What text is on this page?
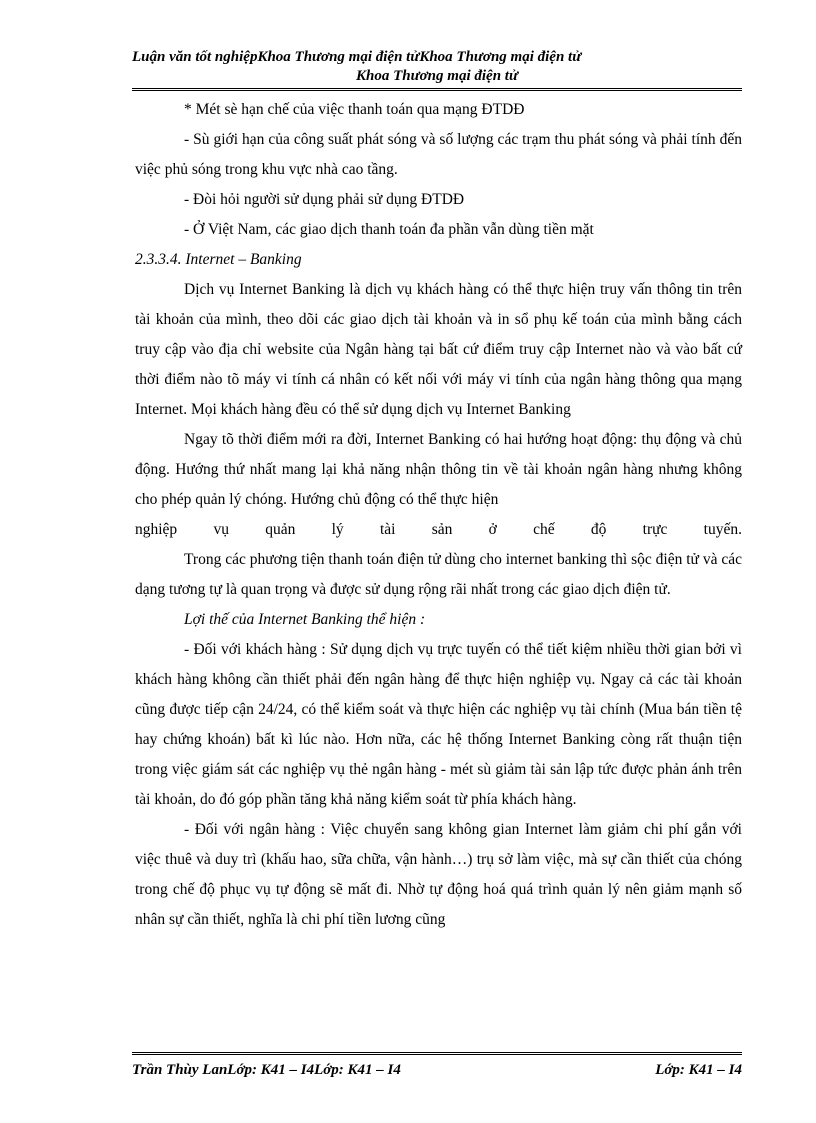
Luận văn tốt nghiệpKhoa Thương mại điện tửKhoa Thương mại điện tử
Khoa Thương mại điện tử

* Mét sè hạn chế của việc thanh toán qua mạng ĐTDĐ

- Sù giới hạn của công suất phát sóng và số lượng các trạm thu phát sóng và phải tính đến việc phủ sóng trong khu vực nhà cao tầng.

- Đòi hỏi người sử dụng phải sử dụng ĐTDĐ

- Ở Việt Nam, các giao dịch thanh toán đa phần vẫn dùng tiền mặt

2.3.3.4. Internet – Banking

Dịch vụ Internet Banking là dịch vụ khách hàng có thể thực hiện truy vấn thông tin trên tài khoản của mình, theo dõi các giao dịch tài khoản và in sổ phụ kế toán của mình bằng cách truy cập vào địa chỉ website của Ngân hàng tại bất cứ điểm truy cập Internet nào và vào bất cứ thời điểm nào tõ máy vi tính cá nhân có kết nối với máy vi tính của ngân hàng thông qua mạng Internet. Mọi khách hàng đều có thể sử dụng dịch vụ Internet Banking

Ngay tõ thời điểm mới ra đời, Internet Banking có hai hướng hoạt động: thụ động và chủ động. Hướng thứ nhất mang lại khả năng nhận thông tin về tài khoản ngân hàng nhưng không cho phép quản lý chóng. Hướng chủ động có thể thực hiện

nghiệp vụ quản lý tài sản ở chế độ trực tuyến.

Trong các phương tiện thanh toán điện tử dùng cho internet banking thì sộc điện tử và các dạng tương tự là quan trọng và được sử dụng rộng rãi nhất trong các giao dịch điện tử.

Lợi thế của Internet Banking thể hiện :

- Đối với khách hàng : Sử dụng dịch vụ trực tuyến có thể tiết kiệm nhiều thời gian bởi vì khách hàng không cần thiết phải đến ngân hàng để thực hiện nghiệp vụ. Ngay cả các tài khoản cũng được tiếp cận 24/24, có thể kiểm soát và thực hiện các nghiệp vụ tài chính (Mua bán tiền tệ hay chứng khoán) bất kì lúc nào. Hơn nữa, các hệ thống Internet Banking còng rất thuận tiện trong việc giám sát các nghiệp vụ thẻ ngân hàng - mét sù giảm tài sản lập tức được phản ánh trên tài khoản, do đó góp phần tăng khả năng kiểm soát từ phía khách hàng.

- Đối với ngân hàng : Việc chuyển sang không gian Internet làm giảm chi phí gắn với việc thuê và duy trì (khấu hao, sữa chữa, vận hành…) trụ sở làm việc, mà sự cần thiết của chóng trong chế độ phục vụ tự động sẽ mất đi. Nhờ tự động hoá quá trình quản lý nên giảm mạnh số nhân sự cần thiết, nghĩa là chi phí tiền lương cũng

Trần Thùy LanLớp: K41 – I4Lớp: K41 – I4	Lớp: K41 – I4
